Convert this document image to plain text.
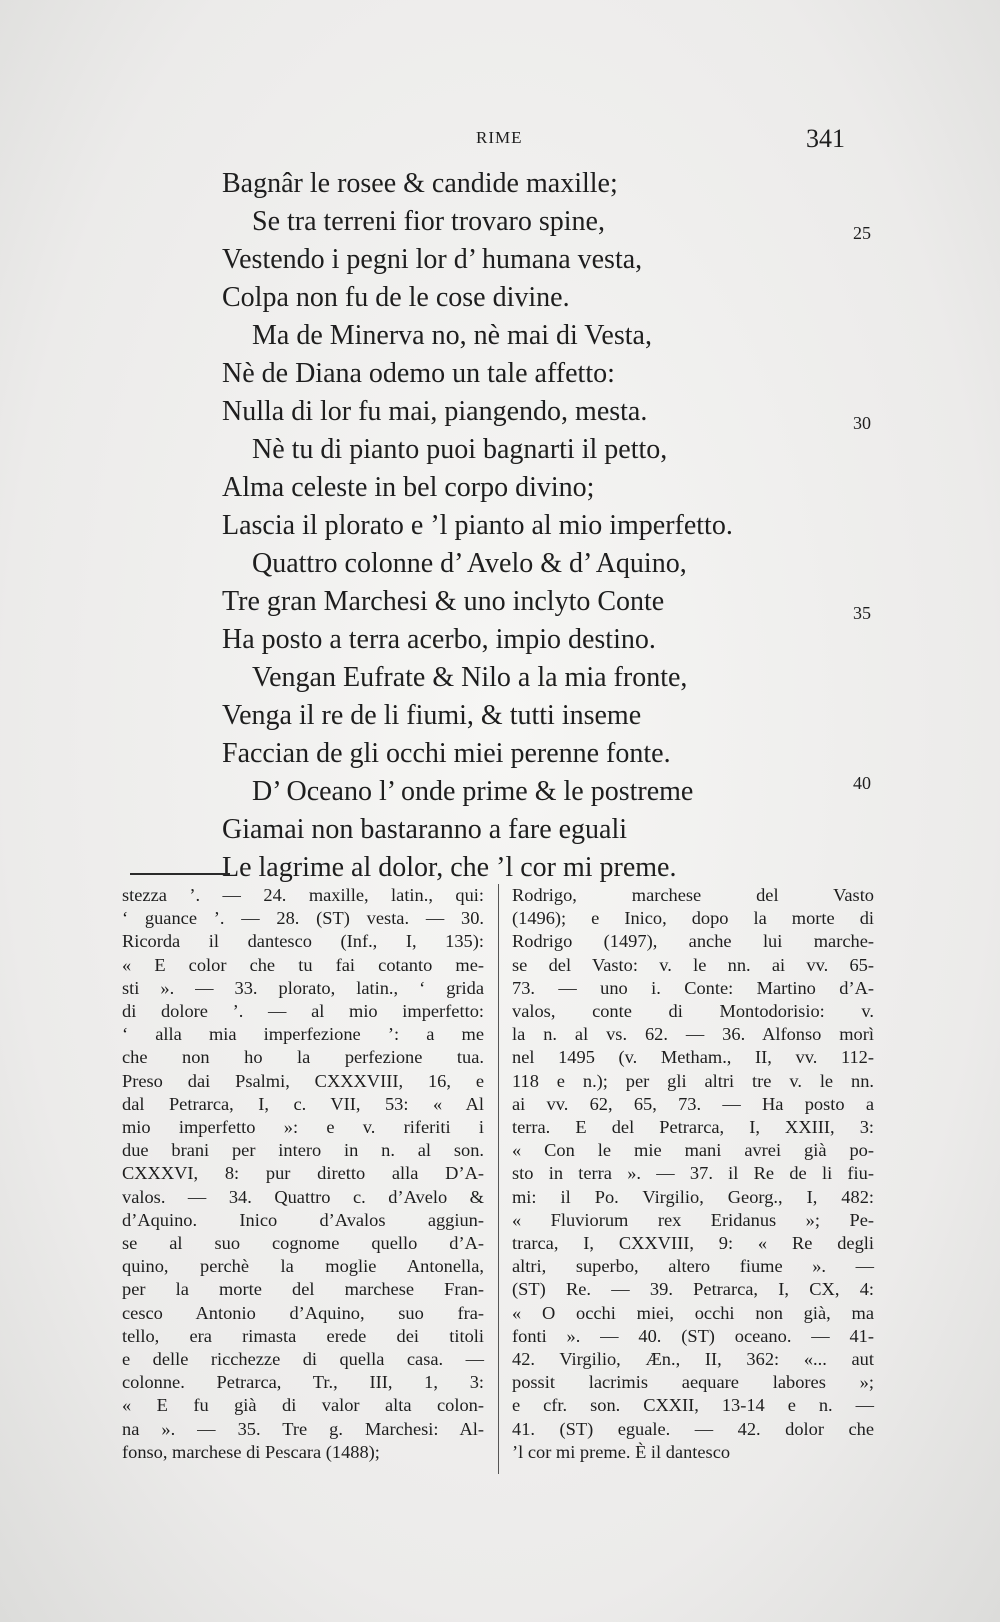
RIME	341
Bagnâr le rosee & candide maxille;
Se tra terreni fior trovaro spine,
Vestendo i pegni lor d’ humana vesta,
Colpa non fu de le cose divine.
Ma de Minerva no, nè mai di Vesta,
Nè de Diana odemo un tale affetto:
Nulla di lor fu mai, piangendo, mesta.
Nè tu di pianto puoi bagnarti il petto,
Alma celeste in bel corpo divino;
Lascia il plorato e ’l pianto al mio imperfetto.
Quattro colonne d’ Avelo & d’ Aquino,
Tre gran Marchesi & uno inclyto Conte
Ha posto a terra acerbo, impio destino.
Vengan Eufrate & Nilo a la mia fronte,
Venga il re de li fiumi, & tutti inseme
Faccian de gli occhi miei perenne fonte.
D’ Oceano l’ onde prime & le postreme
Giamai non bastaranno a fare eguali
Le lagrime al dolor, che ’l cor mi preme.
25
30
35
40
stezza ’. — 24. maxille, latin., qui:
‘ guance ’. — 28. (ST) vesta. — 30.
Ricorda il dantesco (Inf., I, 135):
« E color che tu fai cotanto me-
sti ». — 33. plorato, latin., ‘ grida
di dolore ’. — al mio imperfetto:
‘ alla mia imperfezione ’: a me
che non ho la perfezione tua.
Preso dai Psalmi, CXXXVIII, 16, e
dal Petrarca, I, c. VII, 53: « Al
mio imperfetto »: e v. riferiti i
due brani per intero in n. al son.
CXXXVI, 8: pur diretto alla D’A-
valos. — 34. Quattro c. d’Avelo &
d’Aquino. Inico d’Avalos aggiun-
se al suo cognome quello d’A-
quino, perchè la moglie Antonella,
per la morte del marchese Fran-
cesco Antonio d’Aquino, suo fra-
tello, era rimasta erede dei titoli
e delle ricchezze di quella casa. —
colonne. Petrarca, Tr., III, 1, 3:
« E fu già di valor alta colon-
na ». — 35. Tre g. Marchesi: Al-
fonso, marchese di Pescara (1488);
Rodrigo, marchese del Vasto
(1496); e Inico, dopo la morte di
Rodrigo (1497), anche lui marche-
se del Vasto: v. le nn. ai vv. 65-
73. — uno i. Conte: Martino d’A-
valos, conte di Montodorisio: v.
la n. al vs. 62. — 36. Alfonso morì
nel 1495 (v. Metham., II, vv. 112-
118 e n.); per gli altri tre v. le nn.
ai vv. 62, 65, 73. — Ha posto a
terra. E del Petrarca, I, XXIII, 3:
« Con le mie mani avrei già po-
sto in terra ». — 37. il Re de li fiu-
mi: il Po. Virgilio, Georg., I, 482:
« Fluviorum rex Eridanus »; Pe-
trarca, I, CXXVIII, 9: « Re degli
altri, superbo, altero fiume ». —
(ST) Re. — 39. Petrarca, I, CX, 4:
« O occhi miei, occhi non già, ma
fonti ». — 40. (ST) oceano. — 41-
42. Virgilio, Æn., II, 362: «... aut
possit lacrimis aequare labores »;
e cfr. son. CXXII, 13-14 e n. —
41. (ST) eguale. — 42. dolor che
’l cor mi preme. È il dantesco
